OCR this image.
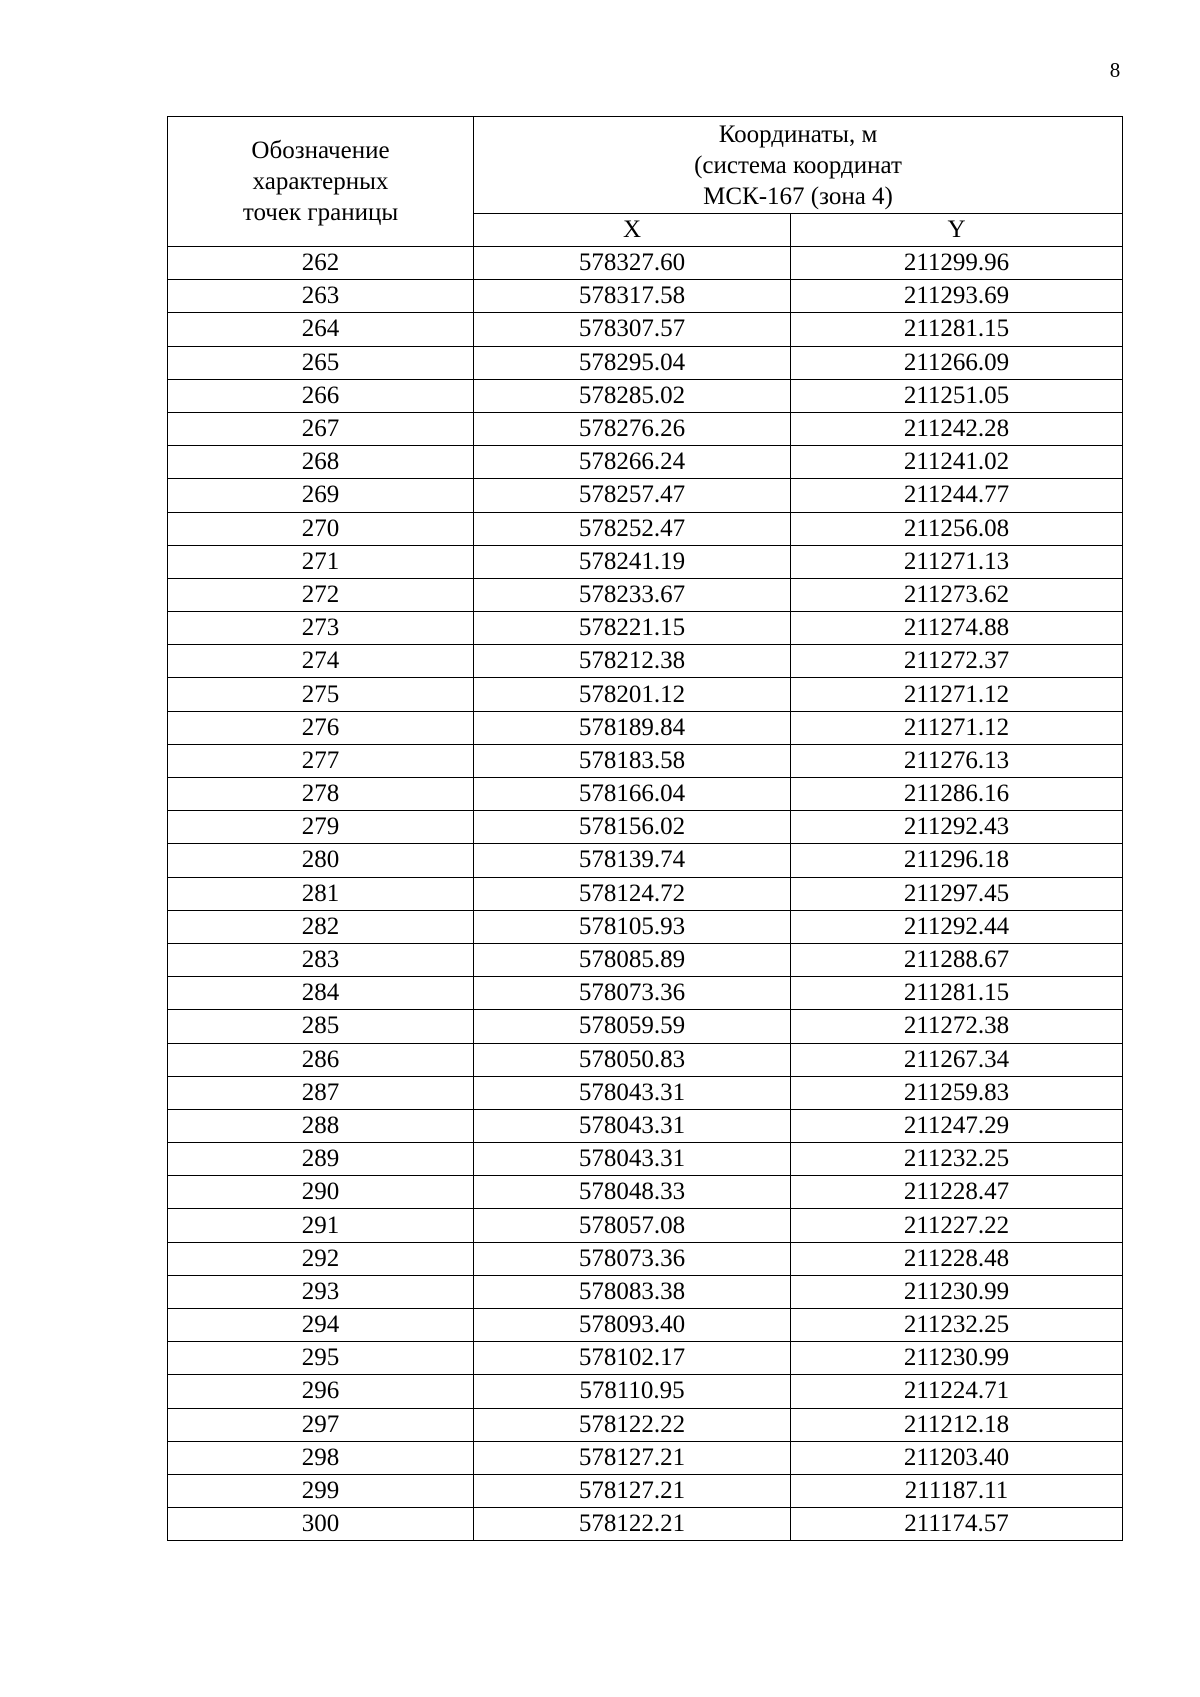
8
Обозначение
характерных
точек границы	Координаты, м
(система координат
МСК-167 (зона 4)	

	X	Y
262	578327.60	211299.96
263	578317.58	211293.69
264	578307.57	211281.15
265	578295.04	211266.09
266	578285.02	211251.05
267	578276.26	211242.28
268	578266.24	211241.02
269	578257.47	211244.77
270	578252.47	211256.08
271	578241.19	211271.13
272	578233.67	211273.62
273	578221.15	211274.88
274	578212.38	211272.37
275	578201.12	211271.12
276	578189.84	211271.12
277	578183.58	211276.13
278	578166.04	211286.16
279	578156.02	211292.43
280	578139.74	211296.18
281	578124.72	211297.45
282	578105.93	211292.44
283	578085.89	211288.67
284	578073.36	211281.15
285	578059.59	211272.38
286	578050.83	211267.34
287	578043.31	211259.83
288	578043.31	211247.29
289	578043.31	211232.25
290	578048.33	211228.47
291	578057.08	211227.22
292	578073.36	211228.48
293	578083.38	211230.99
294	578093.40	211232.25
295	578102.17	211230.99
296	578110.95	211224.71
297	578122.22	211212.18
298	578127.21	211203.40
299	578127.21	211187.11
300	578122.21	211174.57
